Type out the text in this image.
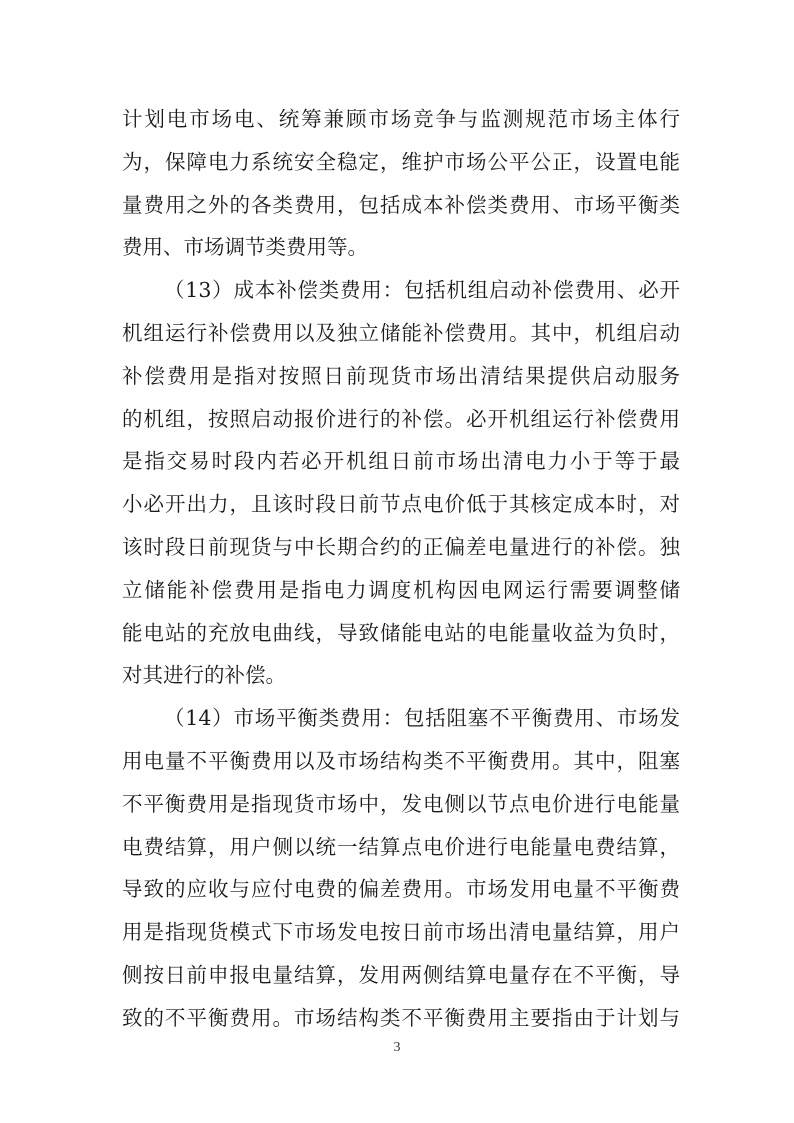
计划电市场电、统筹兼顾市场竞争与监测规范市场主体行
为，保障电力系统安全稳定，维护市场公平公正，设置电能
量费用之外的各类费用，包括成本补偿类费用、市场平衡类
费用、市场调节类费用等。
（13）成本补偿类费用：包括机组启动补偿费用、必开
机组运行补偿费用以及独立储能补偿费用。其中，机组启动
补偿费用是指对按照日前现货市场出清结果提供启动服务
的机组，按照启动报价进行的补偿。必开机组运行补偿费用
是指交易时段内若必开机组日前市场出清电力小于等于最
小必开出力，且该时段日前节点电价低于其核定成本时，对
该时段日前现货与中长期合约的正偏差电量进行的补偿。独
立储能补偿费用是指电力调度机构因电网运行需要调整储
能电站的充放电曲线，导致储能电站的电能量收益为负时，
对其进行的补偿。
（14）市场平衡类费用：包括阻塞不平衡费用、市场发
用电量不平衡费用以及市场结构类不平衡费用。其中，阻塞
不平衡费用是指现货市场中，发电侧以节点电价进行电能量
电费结算，用户侧以统一结算点电价进行电能量电费结算，
导致的应收与应付电费的偏差费用。市场发用电量不平衡费
用是指现货模式下市场发电按日前市场出清电量结算，用户
侧按日前申报电量结算，发用两侧结算电量存在不平衡，导
致的不平衡费用。市场结构类不平衡费用主要指由于计划与
3
